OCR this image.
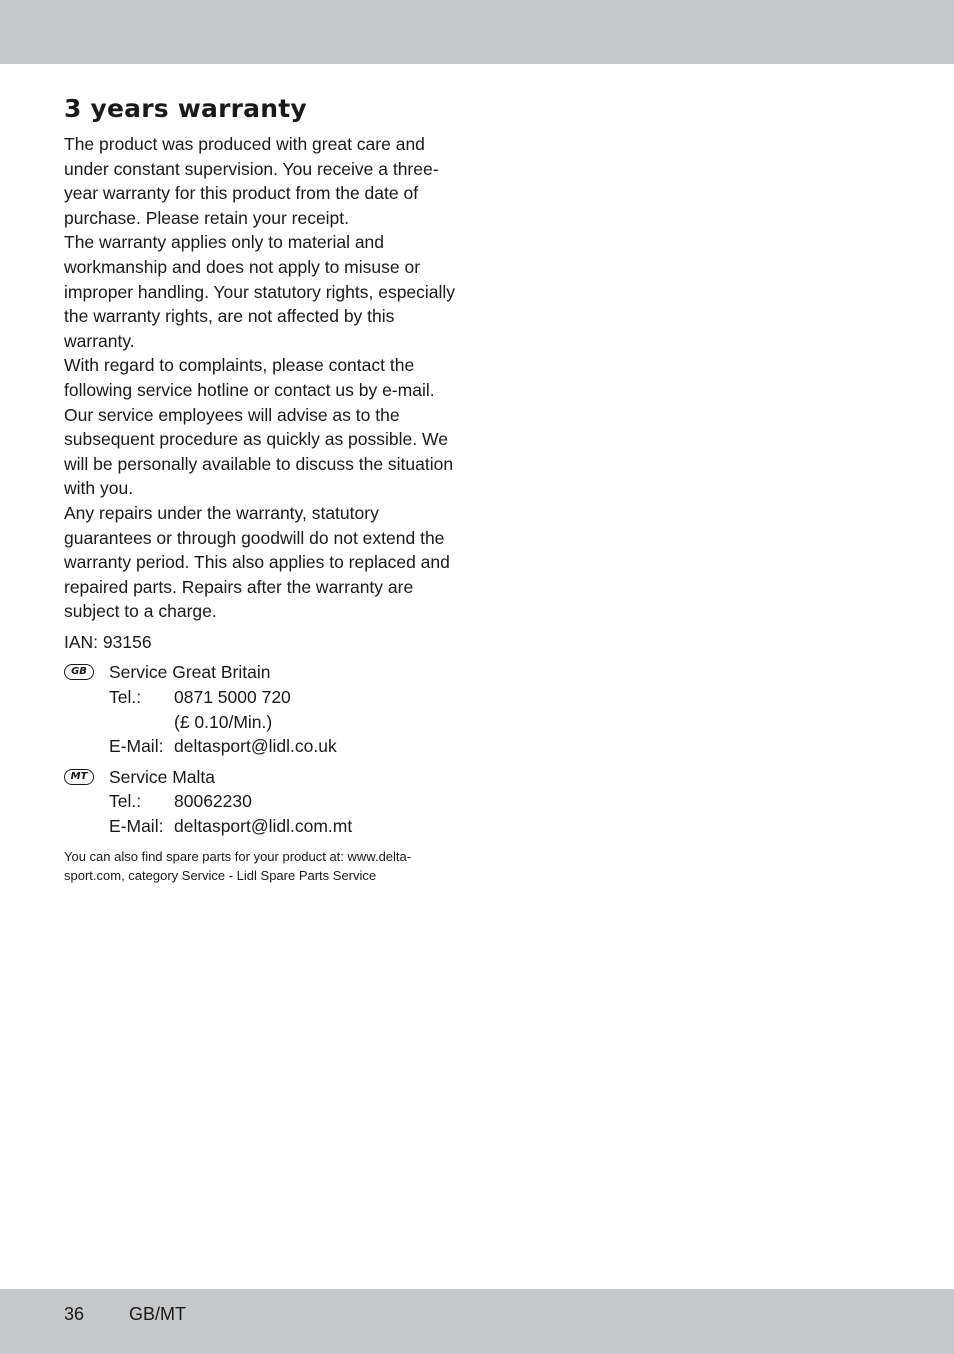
3 years warranty

The product was produced with great care and under constant supervision. You receive a three-year warranty for this product from the date of purchase. Please retain your receipt.

The warranty applies only to material and workmanship and does not apply to misuse or improper handling. Your statutory rights, especially the warranty rights, are not affected by this warranty.

With regard to complaints, please contact the following service hotline or contact us by e-mail. Our service employees will advise as to the subsequent procedure as quickly as possible. We will be personally available to discuss the situation with you.

Any repairs under the warranty, statutory guarantees or through goodwill do not extend the warranty period. This also applies to replaced and repaired parts. Repairs after the warranty are subject to a charge.

IAN: 93156

GB	Service Great Britain
Tel.:	0871 5000 720
(£ 0.10/Min.)
E-Mail: deltasport@lidl.co.uk
MT	Service Malta
Tel.:	80062230
E-Mail: deltasport@lidl.com.mt
You can also find spare parts for your product at: www.delta-sport.com, category Service - Lidl Spare Parts Service
36	GB/MT
